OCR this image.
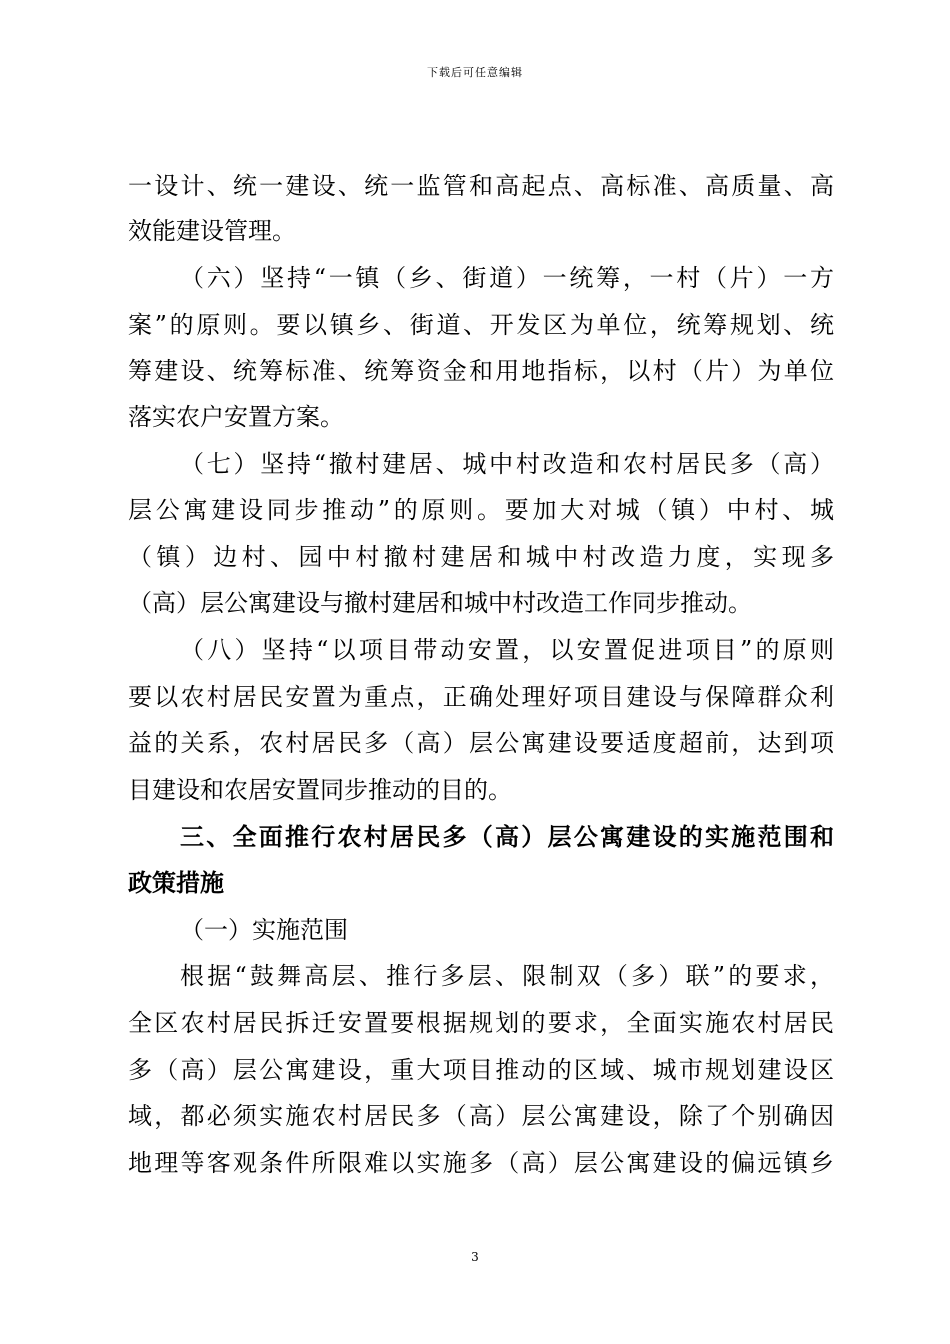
下载后可任意编辑
一设计、统一建设、统一监管和高起点、高标准、高质量、高
效能建设管理。
（六）坚持“一镇（乡、街道）一统筹，一村（片）一方
案”的原则。要以镇乡、街道、开发区为单位，统筹规划、统
筹建设、统筹标准、统筹资金和用地指标，以村（片）为单位
落实农户安置方案。
（七）坚持“撤村建居、城中村改造和农村居民多（高）
层公寓建设同步推动”的原则。要加大对城（镇）中村、城
（镇）边村、园中村撤村建居和城中村改造力度，实现多
（高）层公寓建设与撤村建居和城中村改造工作同步推动。
（八）坚持“以项目带动安置，以安置促进项目”的原则
要以农村居民安置为重点，正确处理好项目建设与保障群众利
益的关系，农村居民多（高）层公寓建设要适度超前，达到项
目建设和农居安置同步推动的目的。
三、全面推行农村居民多（高）层公寓建设的实施范围和
政策措施
（一）实施范围
根据“鼓舞高层、推行多层、限制双（多）联”的要求，
全区农村居民拆迁安置要根据规划的要求，全面实施农村居民
多（高）层公寓建设，重大项目推动的区域、城市规划建设区
域，都必须实施农村居民多（高）层公寓建设，除了个别确因
地理等客观条件所限难以实施多（高）层公寓建设的偏远镇乡
3
